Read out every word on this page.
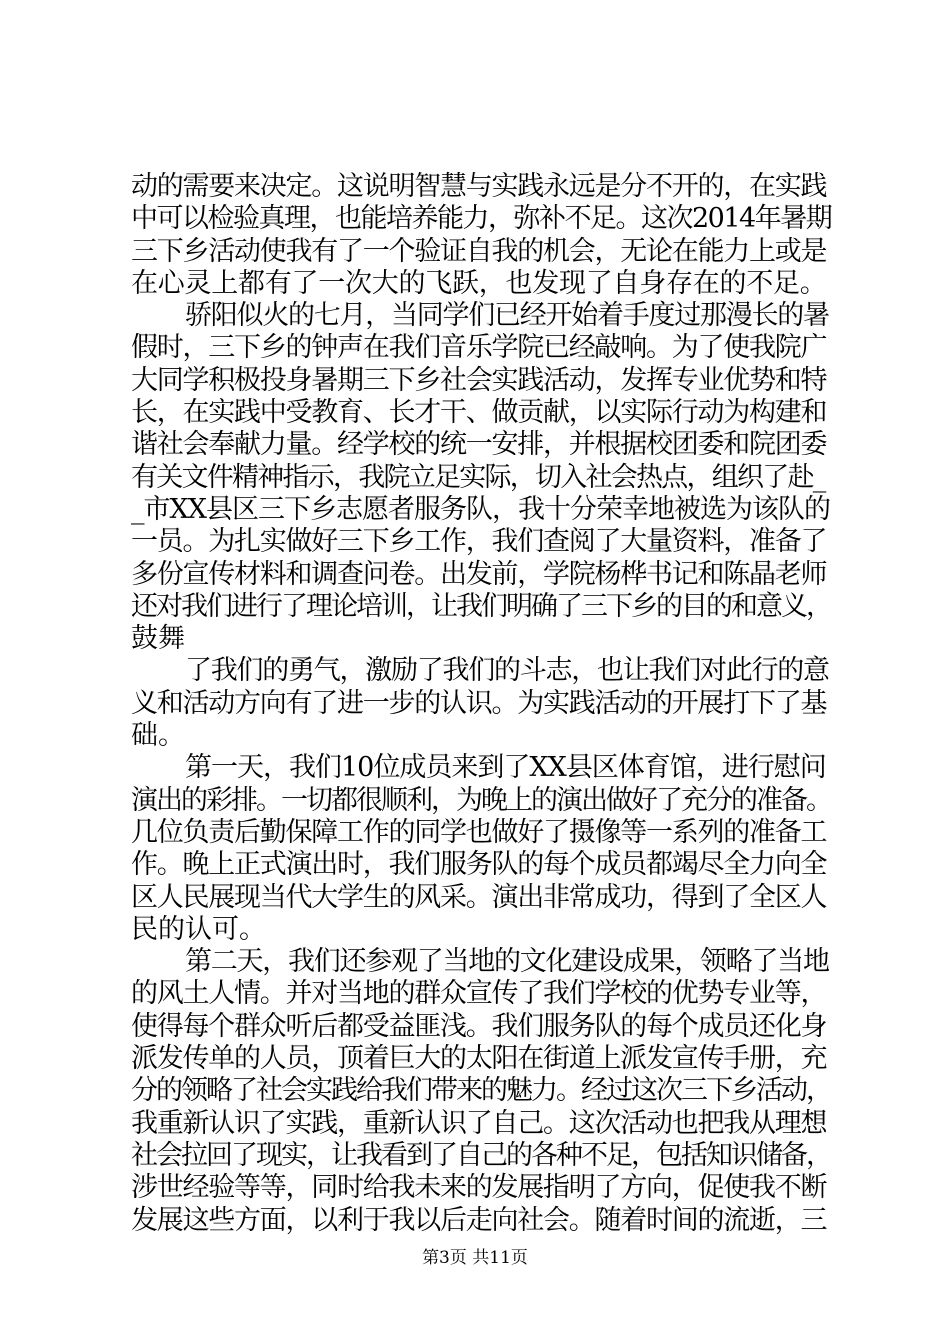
动的需要来决定。这说明智慧与实践永远是分不开的，在实践
中可以检验真理，也能培养能力，弥补不足。这次2014年暑期
三下乡活动使我有了一个验证自我的机会，无论在能力上或是
在心灵上都有了一次大的飞跃，也发现了自身存在的不足。
骄阳似火的七月，当同学们已经开始着手度过那漫长的暑
假时，三下乡的钟声在我们音乐学院已经敲响。为了使我院广
大同学积极投身暑期三下乡社会实践活动，发挥专业优势和特
长，在实践中受教育、长才干、做贡献，以实际行动为构建和
谐社会奉献力量。经学校的统一安排，并根据校团委和院团委
有关文件精神指示，我院立足实际，切入社会热点，组织了赴_
_市XX县区三下乡志愿者服务队，我十分荣幸地被选为该队的
一员。为扎实做好三下乡工作，我们查阅了大量资料，准备了
多份宣传材料和调查问卷。出发前，学院杨桦书记和陈晶老师
还对我们进行了理论培训，让我们明确了三下乡的目的和意义，
鼓舞
了我们的勇气，激励了我们的斗志，也让我们对此行的意
义和活动方向有了进一步的认识。为实践活动的开展打下了基
础。
第一天，我们10位成员来到了XX县区体育馆，进行慰问
演出的彩排。一切都很顺利，为晚上的演出做好了充分的准备。
几位负责后勤保障工作的同学也做好了摄像等一系列的准备工
作。晚上正式演出时，我们服务队的每个成员都竭尽全力向全
区人民展现当代大学生的风采。演出非常成功，得到了全区人
民的认可。
第二天，我们还参观了当地的文化建设成果，领略了当地
的风土人情。并对当地的群众宣传了我们学校的优势专业等，
使得每个群众听后都受益匪浅。我们服务队的每个成员还化身
派发传单的人员，顶着巨大的太阳在街道上派发宣传手册，充
分的领略了社会实践给我们带来的魅力。经过这次三下乡活动，
我重新认识了实践，重新认识了自己。这次活动也把我从理想
社会拉回了现实，让我看到了自己的各种不足，包括知识储备，
涉世经验等等，同时给我未来的发展指明了方向，促使我不断
发展这些方面，以利于我以后走向社会。随着时间的流逝，三
第3页 共11页
